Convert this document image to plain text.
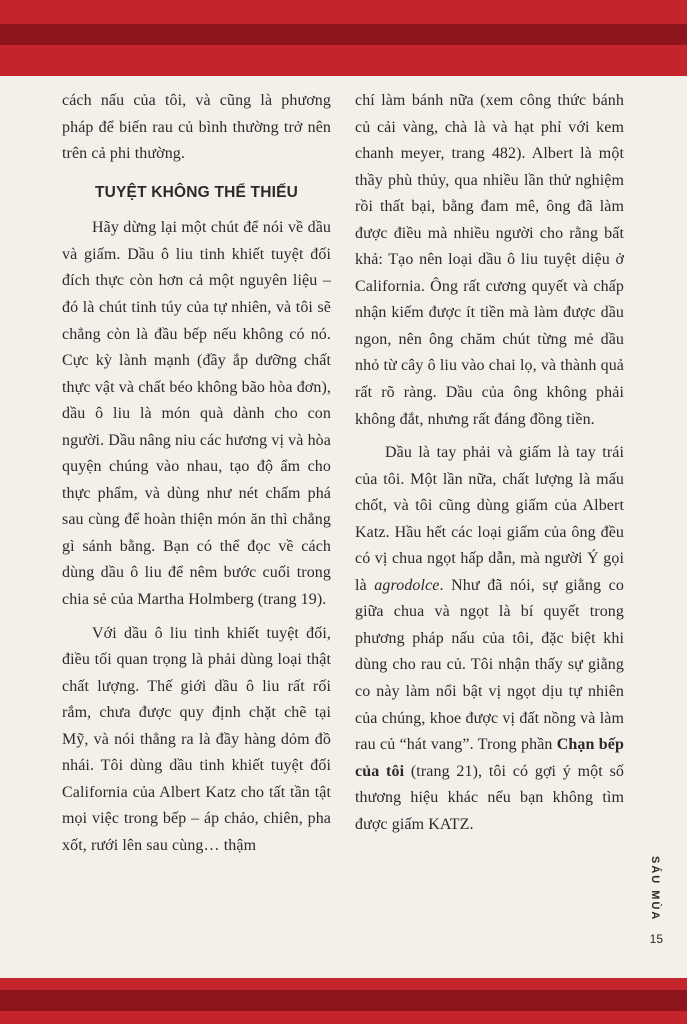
cách nấu của tôi, và cũng là phương pháp để biến rau củ bình thường trở nên trên cả phi thường.

TUYỆT KHÔNG THỂ THIẾU

Hãy dừng lại một chút để nói về dầu và giấm. Dầu ô liu tinh khiết tuyệt đối đích thực còn hơn cả một nguyên liệu – đó là chút tinh túy của tự nhiên, và tôi sẽ chẳng còn là đầu bếp nếu không có nó. Cực kỳ lành mạnh (đầy ắp dưỡng chất thực vật và chất béo không bão hòa đơn), dầu ô liu là món quà dành cho con người. Dầu nâng niu các hương vị và hòa quyện chúng vào nhau, tạo độ ẩm cho thực phẩm, và dùng như nét chấm phá sau cùng để hoàn thiện món ăn thì chẳng gì sánh bằng. Bạn có thể đọc về cách dùng dầu ô liu để nêm bước cuối trong chia sẻ của Martha Holmberg (trang 19).

Với dầu ô liu tinh khiết tuyệt đối, điều tối quan trọng là phải dùng loại thật chất lượng. Thế giới dầu ô liu rất rối rắm, chưa được quy định chặt chẽ tại Mỹ, và nói thẳng ra là đầy hàng dỏm đồ nhái. Tôi dùng dầu tinh khiết tuyệt đối California của Albert Katz cho tất tần tật mọi việc trong bếp – áp chảo, chiên, pha xốt, rưới lên sau cùng… thậm

chí làm bánh nữa (xem công thức bánh củ cải vàng, chà là và hạt phỉ với kem chanh meyer, trang 482). Albert là một thầy phù thủy, qua nhiều lần thử nghiệm rồi thất bại, bằng đam mê, ông đã làm được điều mà nhiều người cho rằng bất khả: Tạo nên loại dầu ô liu tuyệt diệu ở California. Ông rất cương quyết và chấp nhận kiếm được ít tiền mà làm được dầu ngon, nên ông chăm chút từng mẻ dầu nhỏ từ cây ô liu vào chai lọ, và thành quả rất rõ ràng. Dầu của ông không phải không đắt, nhưng rất đáng đồng tiền.

Dầu là tay phải và giấm là tay trái của tôi. Một lần nữa, chất lượng là mấu chốt, và tôi cũng dùng giấm của Albert Katz. Hầu hết các loại giấm của ông đều có vị chua ngọt hấp dẫn, mà người Ý gọi là agrodolce. Như đã nói, sự giằng co giữa chua và ngọt là bí quyết trong phương pháp nấu của tôi, đặc biệt khi dùng cho rau củ. Tôi nhận thấy sự giằng co này làm nổi bật vị ngọt dịu tự nhiên của chúng, khoe được vị đất nồng và làm rau củ “hát vang”. Trong phần Chạn bếp của tôi (trang 21), tôi có gợi ý một số thương hiệu khác nếu bạn không tìm được giấm KATZ.

SÁU MÙA
15
